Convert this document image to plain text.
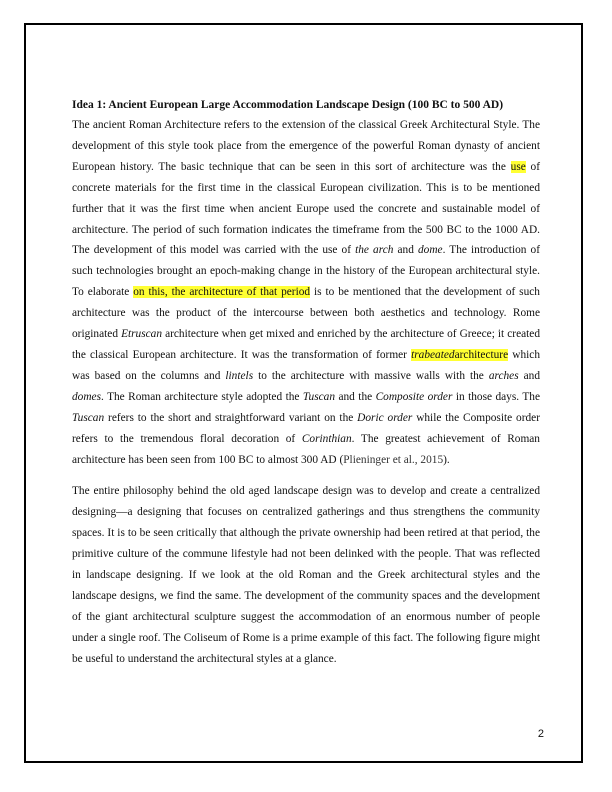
Idea 1: Ancient European Large Accommodation Landscape Design (100 BC to 500 AD)

The ancient Roman Architecture refers to the extension of the classical Greek Architectural Style. The development of this style took place from the emergence of the powerful Roman dynasty of ancient European history. The basic technique that can be seen in this sort of architecture was the use of concrete materials for the first time in the classical European civilization. This is to be mentioned further that it was the first time when ancient Europe used the concrete and sustainable model of architecture. The period of such formation indicates the timeframe from the 500 BC to the 1000 AD. The development of this model was carried with the use of the arch and dome. The introduction of such technologies brought an epoch-making change in the history of the European architectural style. To elaborate on this, the architecture of that period is to be mentioned that the development of such architecture was the product of the intercourse between both aesthetics and technology. Rome originated Etruscan architecture when get mixed and enriched by the architecture of Greece; it created the classical European architecture. It was the transformation of former trabeatedarchitecture which was based on the columns and lintels to the architecture with massive walls with the arches and domes. The Roman architecture style adopted the Tuscan and the Composite order in those days. The Tuscan refers to the short and straightforward variant on the Doric order while the Composite order refers to the tremendous floral decoration of Corinthian. The greatest achievement of Roman architecture has been seen from 100 BC to almost 300 AD (Plieninger et al., 2015).

The entire philosophy behind the old aged landscape design was to develop and create a centralized designing—a designing that focuses on centralized gatherings and thus strengthens the community spaces. It is to be seen critically that although the private ownership had been retired at that period, the primitive culture of the commune lifestyle had not been delinked with the people. That was reflected in landscape designing. If we look at the old Roman and the Greek architectural styles and the landscape designs, we find the same. The development of the community spaces and the development of the giant architectural sculpture suggest the accommodation of an enormous number of people under a single roof. The Coliseum of Rome is a prime example of this fact. The following figure might be useful to understand the architectural styles at a glance.

2
